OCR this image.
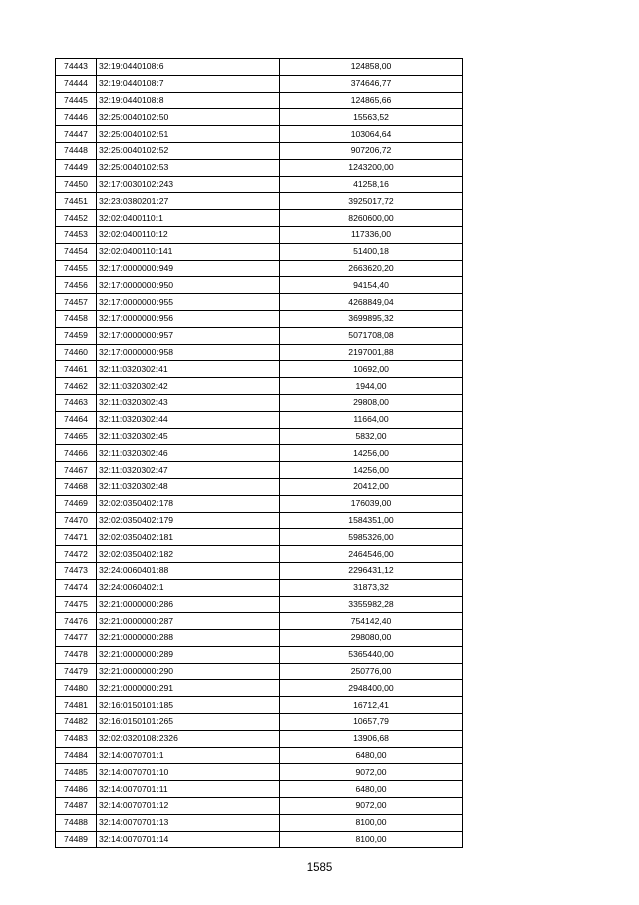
74443	32:19:0440108:6	124858,00
74444	32:19:0440108:7	374646,77
74445	32:19:0440108:8	124865,66
74446	32:25:0040102:50	15563,52
74447	32:25:0040102:51	103064,64
74448	32:25:0040102:52	907206,72
74449	32:25:0040102:53	1243200,00
74450	32:17:0030102:243	41258,16
74451	32:23:0380201:27	3925017,72
74452	32:02:0400110:1	8260600,00
74453	32:02:0400110:12	117336,00
74454	32:02:0400110:141	51400,18
74455	32:17:0000000:949	2663620,20
74456	32:17:0000000:950	94154,40
74457	32:17:0000000:955	4268849,04
74458	32:17:0000000:956	3699895,32
74459	32:17:0000000:957	5071708,08
74460	32:17:0000000:958	2197001,88
74461	32:11:0320302:41	10692,00
74462	32:11:0320302:42	1944,00
74463	32:11:0320302:43	29808,00
74464	32:11:0320302:44	11664,00
74465	32:11:0320302:45	5832,00
74466	32:11:0320302:46	14256,00
74467	32:11:0320302:47	14256,00
74468	32:11:0320302:48	20412,00
74469	32:02:0350402:178	176039,00
74470	32:02:0350402:179	1584351,00
74471	32:02:0350402:181	5985326,00
74472	32:02:0350402:182	2464546,00
74473	32:24:0060401:88	2296431,12
74474	32:24:0060402:1	31873,32
74475	32:21:0000000:286	3355982,28
74476	32:21:0000000:287	754142,40
74477	32:21:0000000:288	298080,00
74478	32:21:0000000:289	5365440,00
74479	32:21:0000000:290	250776,00
74480	32:21:0000000:291	2948400,00
74481	32:16:0150101:185	16712,41
74482	32:16:0150101:265	10657,79
74483	32:02:0320108:2326	13906,68
74484	32:14:0070701:1	6480,00
74485	32:14:0070701:10	9072,00
74486	32:14:0070701:11	6480,00
74487	32:14:0070701:12	9072,00
74488	32:14:0070701:13	8100,00
74489	32:14:0070701:14	8100,00
1585
